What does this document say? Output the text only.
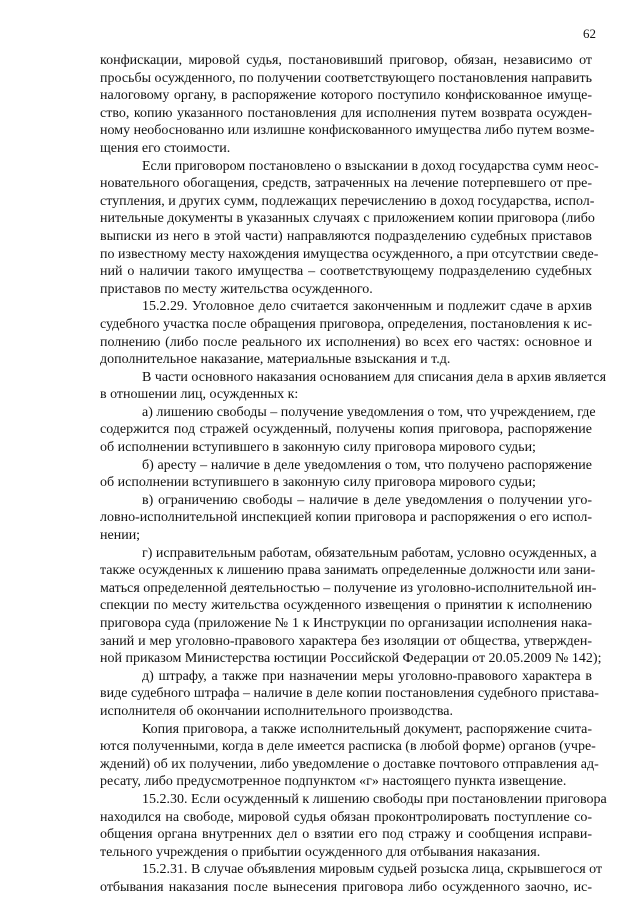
62

конфискации, мировой судья, постановивший приговор, обязан, независимо от
просьбы осужденного, по получении соответствующего постановления направить
налоговому органу, в распоряжение которого поступило конфискованное имуще-
ство, копию указанного постановления для исполнения путем возврата осужден-
ному необоснованно или излишне конфискованного имущества либо путем возме-
щения его стоимости.

Если приговором постановлено о взыскании в доход государства сумм неос-
новательного обогащения, средств, затраченных на лечение потерпевшего от пре-
ступления, и других сумм, подлежащих перечислению в доход государства, испол-
нительные документы в указанных случаях с приложением копии приговора (либо
выписки из него в этой части) направляются подразделению судебных приставов
по известному месту нахождения имущества осужденного, а при отсутствии сведе-
ний о наличии такого имущества – соответствующему подразделению судебных
приставов по месту жительства осужденного.

15.2.29. Уголовное дело считается законченным и подлежит сдаче в архив
судебного участка после обращения приговора, определения, постановления к ис-
полнению (либо после реального их исполнения) во всех его частях: основное и
дополнительное наказание, материальные взыскания и т.д.

В части основного наказания основанием для списания дела в архив является
в отношении лиц, осужденных к:

а) лишению свободы – получение уведомления о том, что учреждением, где
содержится под стражей осужденный, получены копия приговора, распоряжение
об исполнении вступившего в законную силу приговора мирового судьи;

б) аресту – наличие в деле уведомления о том, что получено распоряжение
об исполнении вступившего в законную силу приговора мирового судьи;

в) ограничению свободы – наличие в деле уведомления о получении уго-
ловно-исполнительной инспекцией копии приговора и распоряжения о его испол-
нении;

г) исправительным работам, обязательным работам, условно осужденных, а
также осужденных к лишению права занимать определенные должности или зани-
маться определенной деятельностью – получение из уголовно-исполнительной ин-
спекции по месту жительства осужденного извещения о принятии к исполнению
приговора суда (приложение № 1 к Инструкции по организации исполнения нака-
заний и мер уголовно-правового характера без изоляции от общества, утвержден-
ной приказом Министерства юстиции Российской Федерации от 20.05.2009 № 142);

д) штрафу, а также при назначении меры уголовно-правового характера в
виде судебного штрафа – наличие в деле копии постановления судебного пристава-
исполнителя об окончании исполнительного производства.

Копия приговора, а также исполнительный документ, распоряжение счита-
ются полученными, когда в деле имеется расписка (в любой форме) органов (учре-
ждений) об их получении, либо уведомление о доставке почтового отправления ад-
ресату, либо предусмотренное подпунктом «г» настоящего пункта извещение.

15.2.30. Если осужденный к лишению свободы при постановлении приговора
находился на свободе, мировой судья обязан проконтролировать поступление со-
общения органа внутренних дел о взятии его под стражу и сообщения исправи-
тельного учреждения о прибытии осужденного для отбывания наказания.

15.2.31. В случае объявления мировым судьей розыска лица, скрывшегося от
отбывания наказания после вынесения приговора либо осужденного заочно, ис-
